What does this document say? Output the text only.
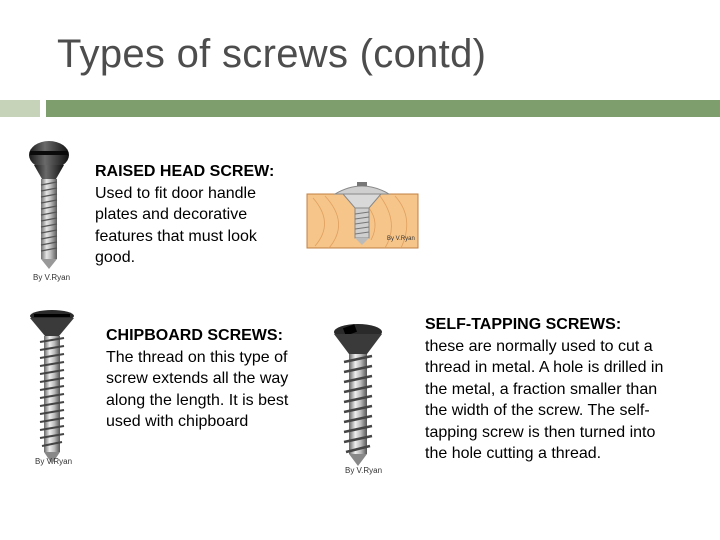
Types of screws (contd)
By V.Ryan
RAISED HEAD SCREW:
Used to fit door handle plates and decorative features that must look good.
By V.Ryan
By V.Ryan
CHIPBOARD SCREWS: The thread on this type of screw extends all the way along the length. It is best used with chipboard
By V.Ryan
SELF-TAPPING SCREWS:
these are normally used to cut a thread in metal. A hole is drilled in the metal, a fraction smaller than the width of the screw. The self-tapping screw is then turned into the hole cutting a thread.
